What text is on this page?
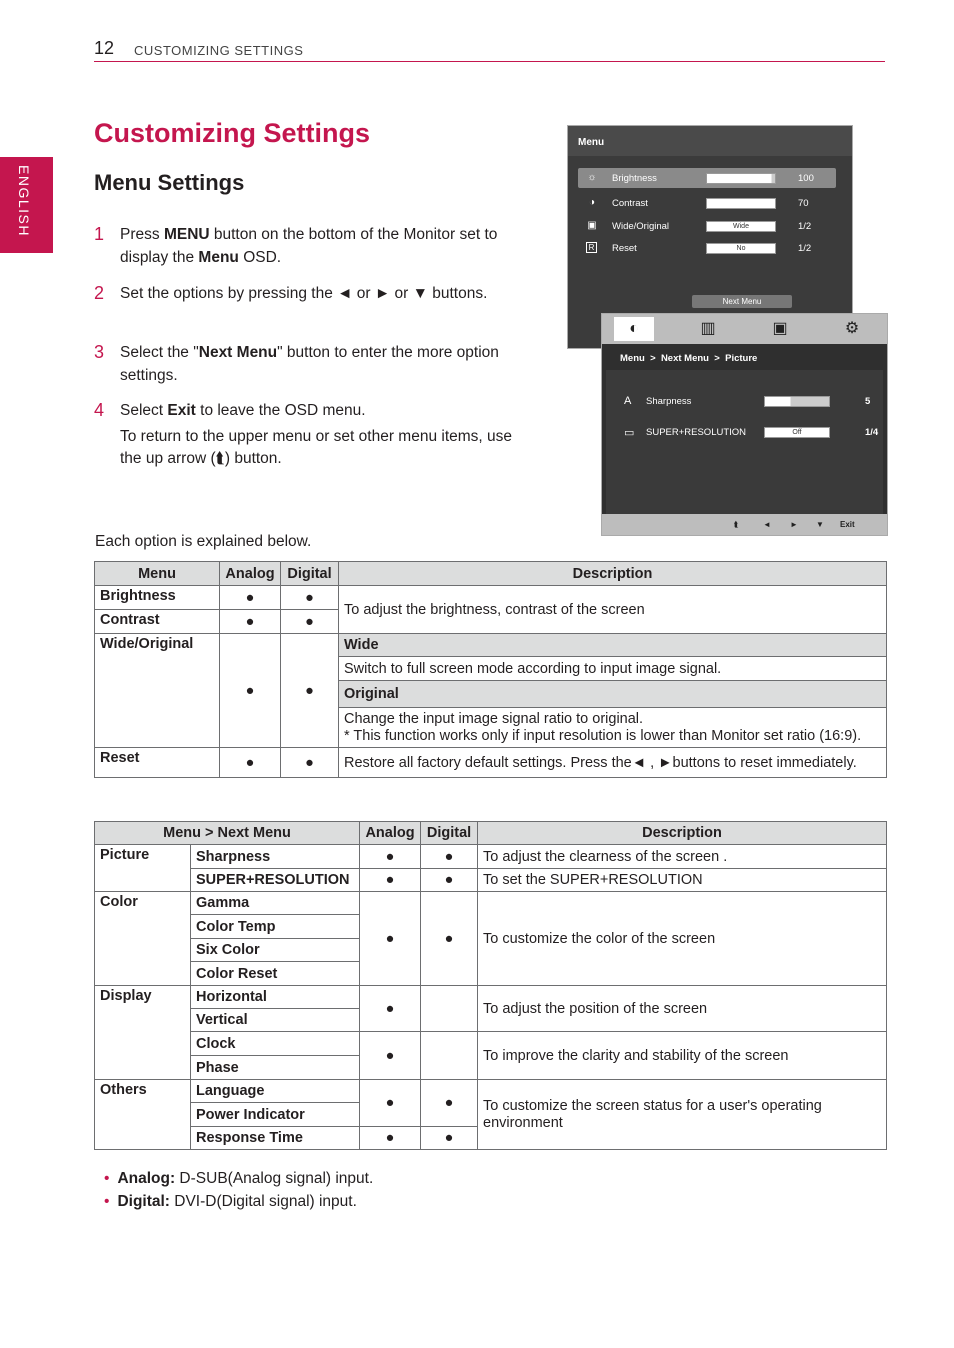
12 CUSTOMIZING SETTINGS
ENGLISH
Customizing Settings
Menu Settings
1 Press MENU button on the bottom of the Monitor set to display the Menu OSD.
2 Set the options by pressing the ◄ or ► or ▼ buttons.
3 Select the "Next Menu" button to enter the more option settings.
4 Select Exit to leave the OSD menu.
To return to the upper menu or set other menu items, use the up arrow (⮬) button.
Menu
☼ Brightness	100
◑	Contrast	70
▣ Wide/Original	Wide	1/2
R Reset	No	1/2
Next Menu
◐	▥	▣	⚙
Menu > Next Menu > Picture
A Sharpness	5
▭ SUPER+RESOLUTION	Off	1/4
⮬	◄ ► ▼ Exit
Each option is explained below.
Menu	Analog	Digital	Description
Brightness	●	●	To adjust the brightness, contrast of the screen
Contrast	●	●	
Wide/Original	●	●	Wide
			Switch to full screen mode according to input image signal.
			Original

			Change the input image signal ratio to original.
* This function works only if input resolution is lower than Monitor set ratio (16:9).

Reset	●	●	Restore all factory default settings. Press the◄ , ►buttons to reset immediately.
Menu > Next Menu		Analog	Digital	Description
Picture	Sharpness	●	●	To adjust the clearness of the screen .
	SUPER+RESOLUTION	●	●	To set the SUPER+RESOLUTION
Color	Gamma	●	●	To customize the color of the screen
	Color Temp			
	Six Color			
	Color Reset			
Display	Horizontal	●		To adjust the position of the screen
	Vertical			
	Clock	●		To improve the clarity and stability of the screen
	Phase			
Others	Language	●	●	To customize the screen status for a user's operating environment
	Power Indicator			
	Response Time	●	●	
• Analog: D-SUB(Analog signal) input.
• Digital: DVI-D(Digital signal) input.
